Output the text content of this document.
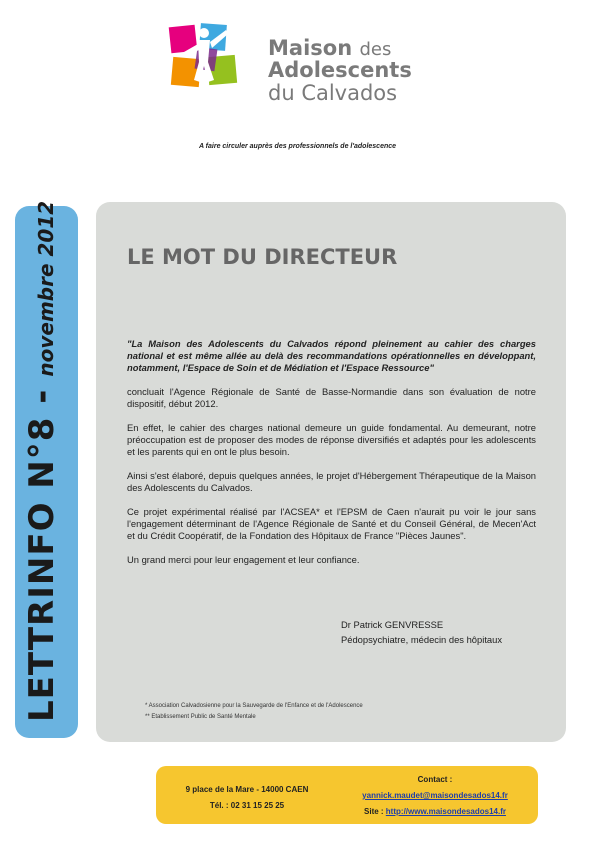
Maison des
Adolescents
du Calvados
A faire circuler auprès des professionnels de l'adolescence
LETTRINFO N°8 -
novembre 2012	LE MOT DU DIRECTEUR

"La Maison des Adolescents du Calvados répond pleinement au cahier des charges national et est même allée au delà des recommandations opérationnelles en développant, notamment, l'Espace de Soin et de Médiation et l'Espace Ressource"

concluait l'Agence Régionale de Santé de Basse-Normandie dans son évaluation de notre dispositif, début 2012.

En effet, le cahier des charges national demeure un guide fondamental. Au demeurant, notre préoccupation est de proposer des modes de réponse diversifiés et adaptés pour les adolescents et les parents qui en ont le plus besoin.

Ainsi s'est élaboré, depuis quelques années, le projet d'Hébergement Thérapeutique de la Maison des Adolescents du Calvados.

Ce projet expérimental réalisé par l'ACSEA* et l'EPSM de Caen n'aurait pu voir le jour sans l'engagement déterminant de l'Agence Régionale de Santé et du Conseil Général, de Mecen'Act et du Crédit Coopératif, de la Fondation des Hôpitaux de France "Pièces Jaunes".

Un grand merci pour leur engagement et leur confiance.

Dr Patrick GENVRESSE
Pédopsychiatre, médecin des hôpitaux
* Association Calvadosienne pour la Sauvegarde de l'Enfance et de l'Adolescence
** Etablissement Public de Santé Mentale
9 place de la Mare - 14000 CAEN
Tél. : 02 31 15 25 25
Contact :
yannick.maudet@maisondesados14.fr
Site : http://www.maisondesados14.fr
